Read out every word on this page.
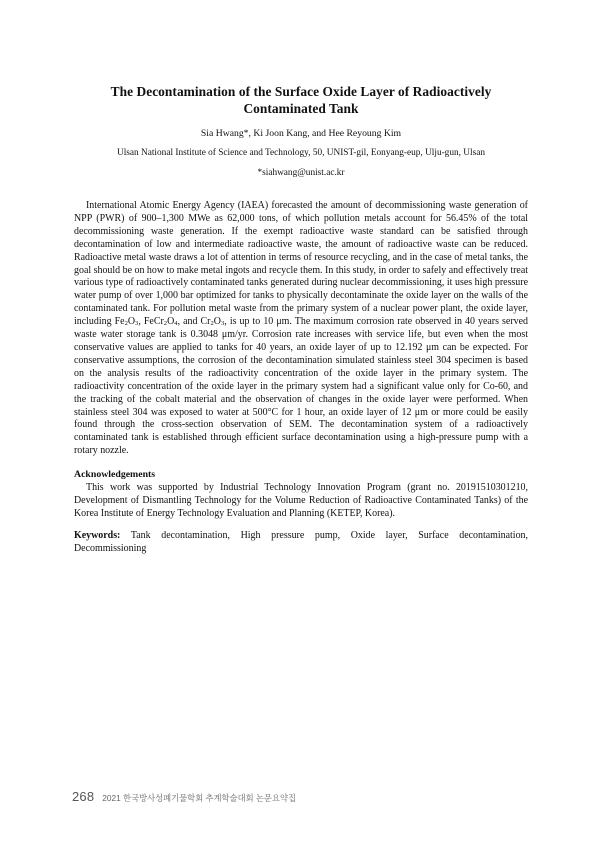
The Decontamination of the Surface Oxide Layer of Radioactively Contaminated Tank
Sia Hwang*, Ki Joon Kang, and Hee Reyoung Kim
Ulsan National Institute of Science and Technology, 50, UNIST-gil, Eonyang-eup, Ulju-gun, Ulsan
*siahwang@unist.ac.kr

International Atomic Energy Agency (IAEA) forecasted the amount of decommissioning waste generation of NPP (PWR) of 900–1,300 MWe as 62,000 tons, of which pollution metals account for 56.45% of the total decommissioning waste generation. If the exempt radioactive waste standard can be satisfied through decontamination of low and intermediate radioactive waste, the amount of radioactive waste can be reduced. Radioactive metal waste draws a lot of attention in terms of resource recycling, and in the case of metal tanks, the goal should be on how to make metal ingots and recycle them. In this study, in order to safely and effectively treat various type of radioactively contaminated tanks generated during nuclear decommissioning, it uses high pressure water pump of over 1,000 bar optimized for tanks to physically decontaminate the oxide layer on the walls of the contaminated tank. For pollution metal waste from the primary system of a nuclear power plant, the oxide layer, including $Fe_2O_3$, $FeCr_2O_4$, and $Cr_2O_3$, is up to 10 μm. The maximum corrosion rate observed in 40 years served waste water storage tank is 0.3048 μm/yr. Corrosion rate increases with service life, but even when the most conservative values are applied to tanks for 40 years, an oxide layer of up to 12.192 μm can be expected. For conservative assumptions, the corrosion of the decontamination simulated stainless steel 304 specimen is based on the analysis results of the radioactivity concentration of the oxide layer in the primary system. The radioactivity concentration of the oxide layer in the primary system had a significant value only for Co-60, and the tracking of the cobalt material and the observation of changes in the oxide layer were performed. When stainless steel 304 was exposed to water at 500°C for 1 hour, an oxide layer of 12 μm or more could be easily found through the cross-section observation of SEM. The decontamination system of a radioactively contaminated tank is established through efficient surface decontamination using a high-pressure pump with a rotary nozzle.

Acknowledgements

This work was supported by Industrial Technology Innovation Program (grant no. 20191510301210, Development of Dismantling Technology for the Volume Reduction of Radioactive Contaminated Tanks) of the Korea Institute of Energy Technology Evaluation and Planning (KETEP, Korea).

Keywords: Tank decontamination, High pressure pump, Oxide layer, Surface decontamination, Decommissioning

268 2021 한국방사성폐기물학회 추계학술대회 논문요약집
